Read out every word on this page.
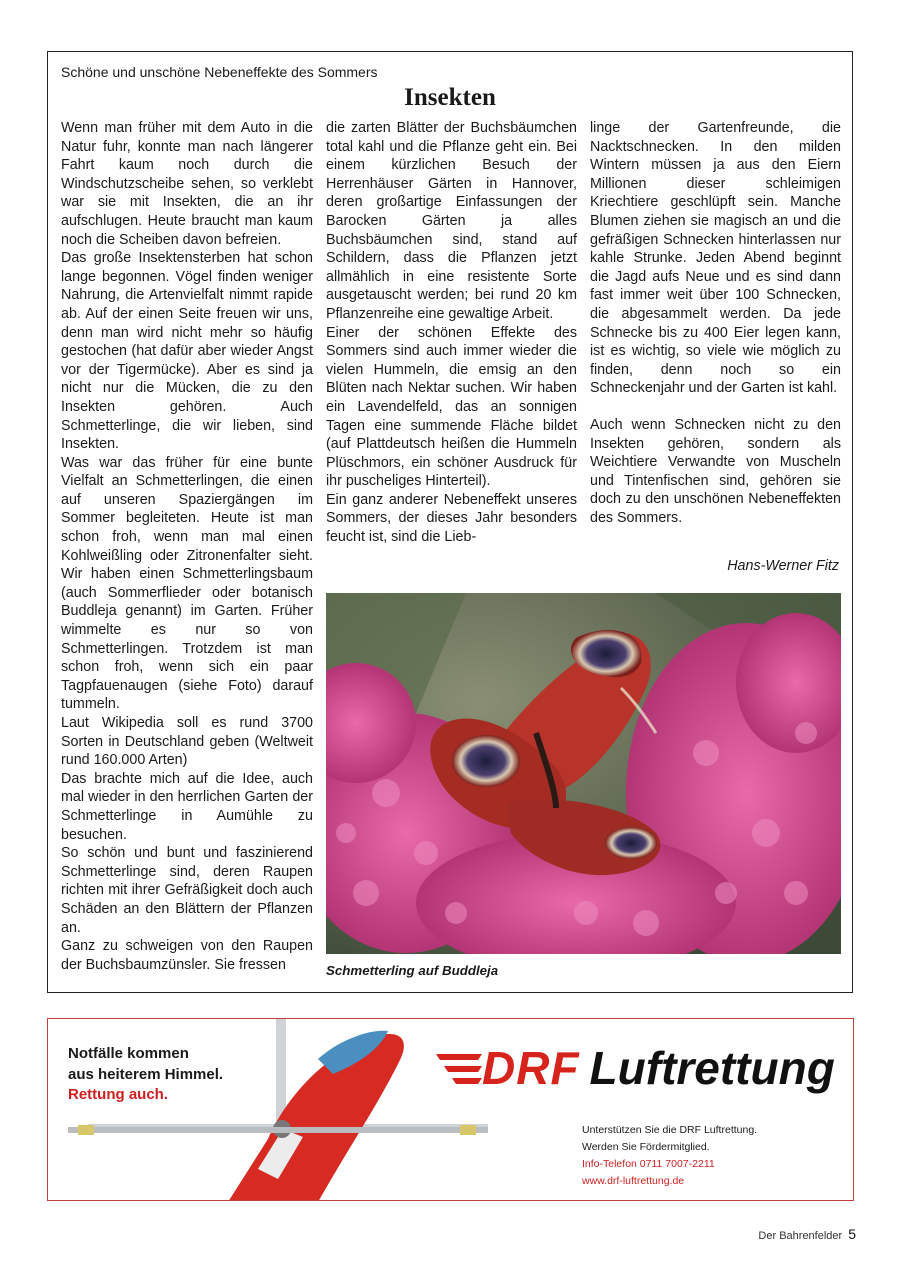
Schöne und unschöne Nebeneffekte des Sommers
Insekten

Wenn man früher mit dem Auto in die Natur fuhr, konnte man nach längerer Fahrt kaum noch durch die Windschutzscheibe sehen, so verklebt war sie mit Insekten, die an ihr aufschlugen. Heute braucht man kaum noch die Scheiben davon befreien.

Das große Insektensterben hat schon lange begonnen. Vögel finden weniger Nahrung, die Artenvielfalt nimmt rapide ab. Auf der einen Seite freuen wir uns, denn man wird nicht mehr so häufig gestochen (hat dafür aber wieder Angst vor der Tigermücke). Aber es sind ja nicht nur die Mücken, die zu den Insekten gehören. Auch Schmetterlinge, die wir lieben, sind Insekten.

Was war das früher für eine bunte Vielfalt an Schmetterlingen, die einen auf unseren Spaziergängen im Sommer begleiteten. Heute ist man schon froh, wenn man mal einen Kohlweißling oder Zitronenfalter sieht. Wir haben einen Schmetterlingsbaum (auch Sommerflieder oder botanisch Buddleja genannt) im Garten. Früher wimmelte es nur so von Schmetterlingen. Trotzdem ist man schon froh, wenn sich ein paar Tagpfauenaugen (siehe Foto) darauf tummeln.

Laut Wikipedia soll es rund 3700 Sorten in Deutschland geben (Weltweit rund 160.000 Arten)

Das brachte mich auf die Idee, auch mal wieder in den herrlichen Garten der Schmetterlinge in Aumühle zu besuchen.

So schön und bunt und faszinierend Schmetterlinge sind, deren Raupen richten mit ihrer Gefräßigkeit doch auch Schäden an den Blättern der Pflanzen an.

Ganz zu schweigen von den Raupen der Buchsbaumzünsler. Sie fressen

die zarten Blätter der Buchsbäumchen total kahl und die Pflanze geht ein. Bei einem kürzlichen Besuch der Herrenhäuser Gärten in Hannover, deren großartige Einfassungen der Barocken Gärten ja alles Buchsbäumchen sind, stand auf Schildern, dass die Pflanzen jetzt allmählich in eine resistente Sorte ausgetauscht werden; bei rund 20 km Pflanzenreihe eine gewaltige Arbeit.

Einer der schönen Effekte des Sommers sind auch immer wieder die vielen Hummeln, die emsig an den Blüten nach Nektar suchen. Wir haben ein Lavendelfeld, das an sonnigen Tagen eine summende Fläche bildet (auf Plattdeutsch heißen die Hummeln Plüschmors, ein schöner Ausdruck für ihr puscheliges Hinterteil).

Ein ganz anderer Nebeneffekt unseres Sommers, der dieses Jahr besonders feucht ist, sind die Lieb-

linge der Gartenfreunde, die Nacktschnecken. In den milden Wintern müssen ja aus den Eiern Millionen dieser schleimigen Kriechtiere geschlüpft sein. Manche Blumen ziehen sie magisch an und die gefräßigen Schnecken hinterlassen nur kahle Strunke. Jeden Abend beginnt die Jagd aufs Neue und es sind dann fast immer weit über 100 Schnecken, die abgesammelt werden. Da jede Schnecke bis zu 400 Eier legen kann, ist es wichtig, so viele wie möglich zu finden, denn noch so ein Schneckenjahr und der Garten ist kahl.

Auch wenn Schnecken nicht zu den Insekten gehören, sondern als Weichtiere Verwandte von Muscheln und Tintenfischen sind, gehören sie doch zu den unschönen Nebeneffekten des Sommers.

Hans-Werner Fitz
Schmetterling auf Buddleja
Notfälle kommen
aus heiterem Himmel.
Rettung auch.
DRF Luftrettung
Unterstützen Sie die DRF Luftrettung.
Werden Sie Fördermitglied.
Info-Telefon 0711 7007-2211
www.drf-luftrettung.de
Der Bahrenfelder 5
